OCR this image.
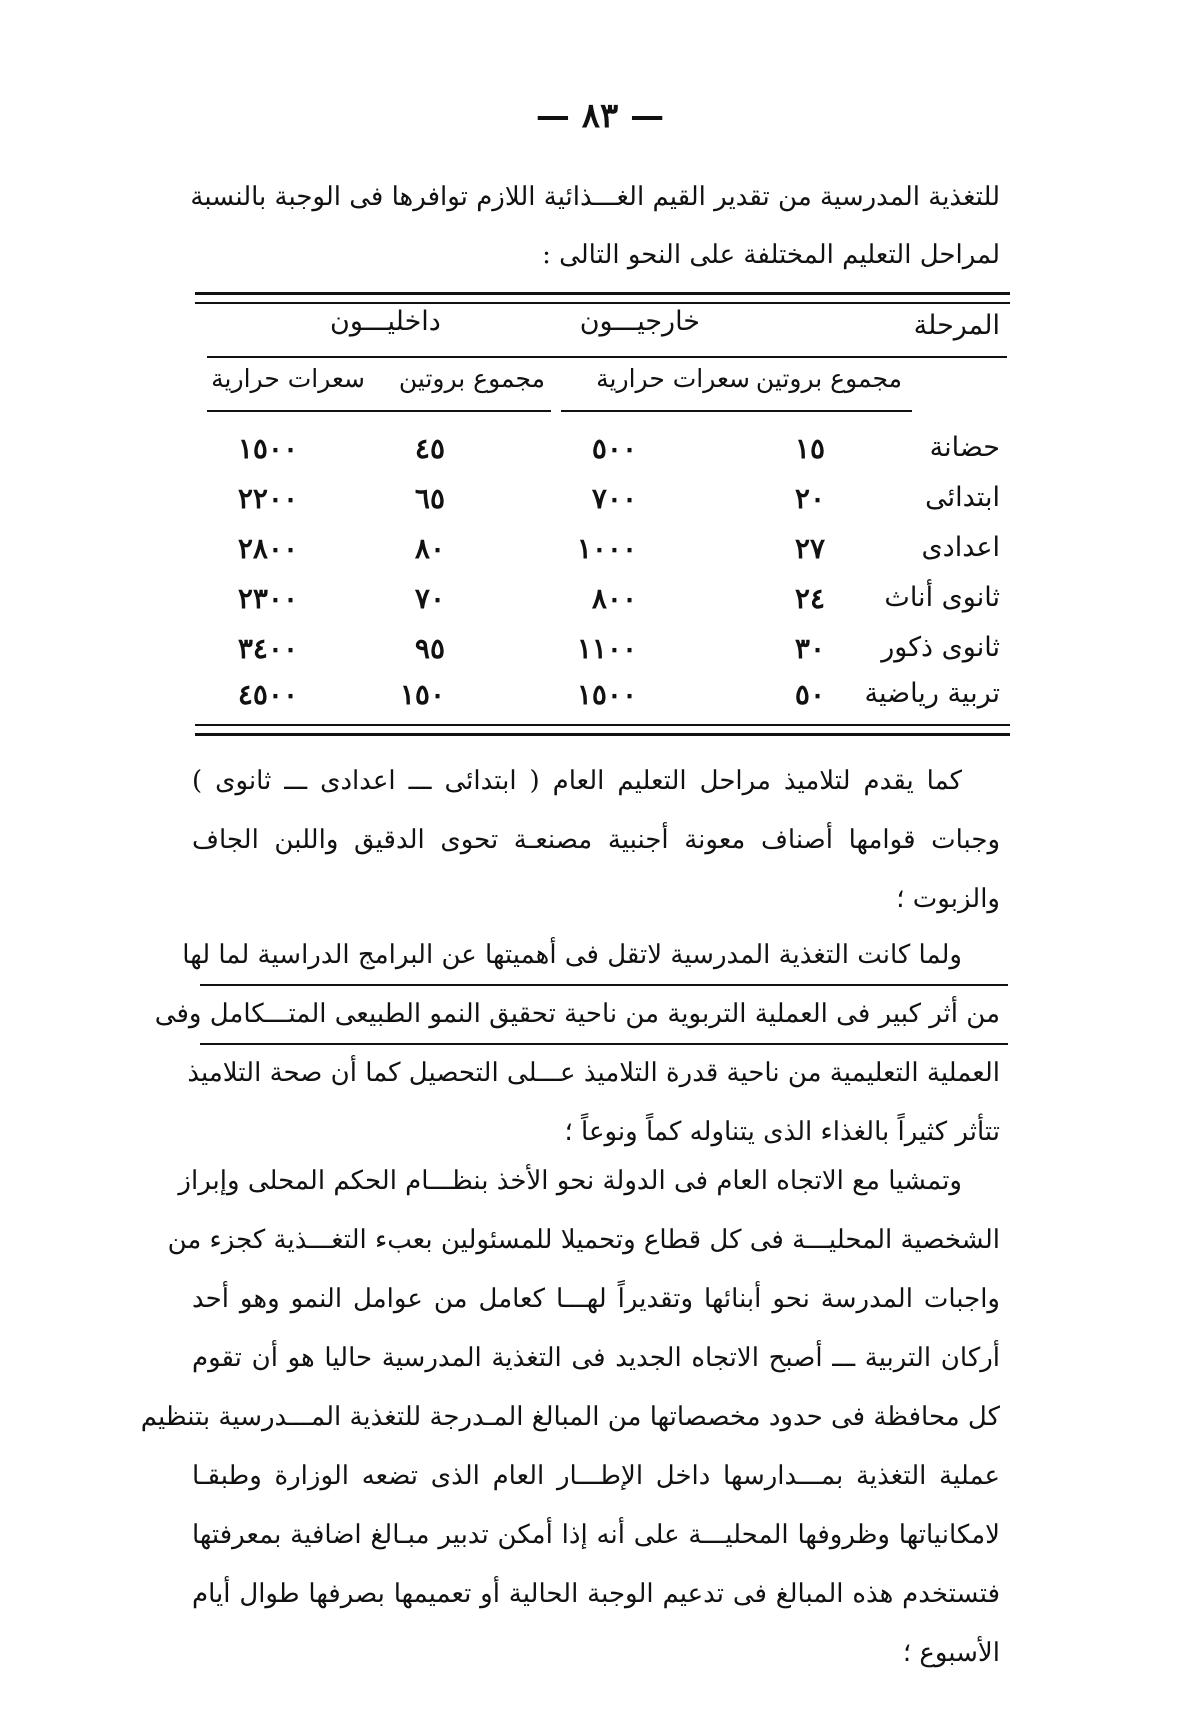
— ٨٣ —
للتغذية المدرسية من تقدير القيم الغـــذائية اللازم توافرها فى الوجبة بالنسبة
لمراحل التعليم المختلفة على النحو التالى :
المرحلة
خارجيـــون
داخليـــون
مجموع بروتين
سعرات حرارية
مجموع بروتين
سعرات حرارية
حضانة
١٥
٥٠٠
٤٥
١٥٠٠
ابتدائى
٢٠
٧٠٠
٦٥
٢٢٠٠
اعدادى
٢٧
١٠٠٠
٨٠
٢٨٠٠
ثانوى أناث
٢٤
٨٠٠
٧٠
٢٣٠٠
ثانوى ذكور
٣٠
١١٠٠
٩٥
٣٤٠٠
تربية رياضية
٥٠
١٥٠٠
١٥٠
٤٥٠٠
كما يقدم لتلاميذ مراحل التعليم العام ( ابتدائى ـــ اعدادى ـــ ثانوى )
وجبات قوامها أصناف معونة أجنبية مصنعـة تحوى الدقيق واللبن الجاف
والزبوت ؛
ولما كانت التغذية المدرسية لاتقل فى أهميتها عن البرامج الدراسية لما لها
من أثر كبير فى العملية التربوية من ناحية تحقيق النمو الطبيعى المتـــكامل وفى
العملية التعليمية من ناحية قدرة التلاميذ عـــلى التحصيل كما أن صحة التلاميذ
تتأثر كثيراً بالغذاء الذى يتناوله كماً ونوعاً ؛
وتمشيا مع الاتجاه العام فى الدولة نحو الأخذ بنظـــام الحكم المحلى وإبراز
الشخصية المحليـــة فى كل قطاع وتحميلا للمسئولين بعبء التغـــذية كجزء من
واجبات المدرسة نحو أبنائها وتقديراً لهـــا كعامل من عوامل النمو وهو أحد
أركان التربية ـــ أصبح الاتجاه الجديد فى التغذية المدرسية حاليا هو أن تقوم
كل محافظة فى حدود مخصصاتها من المبالغ المـدرجة للتغذية المـــدرسية بتنظيم
عملية التغذية بمـــدارسها داخل الإطـــار العام الذى تضعه الوزارة وطبقـا
لامكانياتها وظروفها المحليـــة على أنه إذا أمكن تدبير مبـالغ اضافية بمعرفتها
فتستخدم هذه المبالغ فى تدعيم الوجبة الحالية أو تعميمها بصرفها طوال أيام
الأسبوع ؛
